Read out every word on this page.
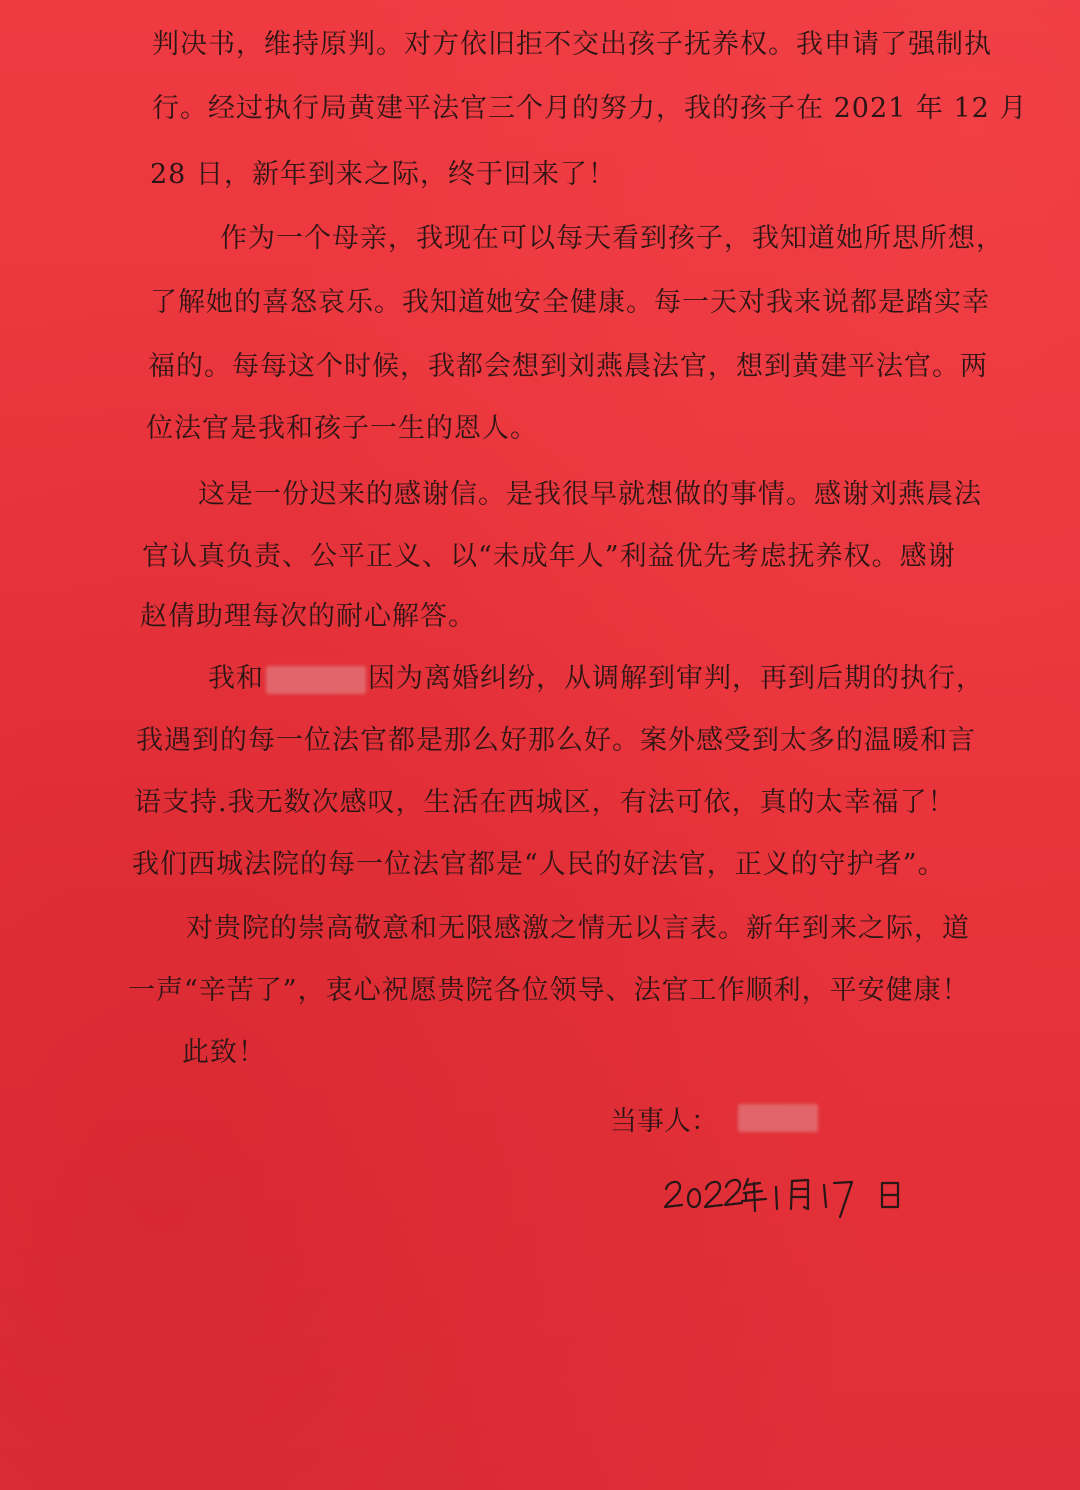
判决书，维持原判。对方依旧拒不交出孩子抚养权。我申请了强制执
行。经过执行局黄建平法官三个月的努力，我的孩子在 2021 年 12 月
28 日，新年到来之际，终于回来了！
作为一个母亲，我现在可以每天看到孩子，我知道她所思所想，
了解她的喜怒哀乐。我知道她安全健康。每一天对我来说都是踏实幸
福的。每每这个时候，我都会想到刘燕晨法官，想到黄建平法官。两
位法官是我和孩子一生的恩人。
这是一份迟来的感谢信。是我很早就想做的事情。感谢刘燕晨法
官认真负责、公平正义、以“未成年人”利益优先考虑抚养权。感谢
赵倩助理每次的耐心解答。
我和	因为离婚纠纷，从调解到审判，再到后期的执行，
我遇到的每一位法官都是那么好那么好。案外感受到太多的温暖和言
语支持.我无数次感叹，生活在西城区，有法可依，真的太幸福了！
我们西城法院的每一位法官都是“人民的好法官，正义的守护者”。
对贵院的崇高敬意和无限感激之情无以言表。新年到来之际，道
一声“辛苦了”，衷心祝愿贵院各位领导、法官工作顺利，平安健康！
此致！
当事人：
